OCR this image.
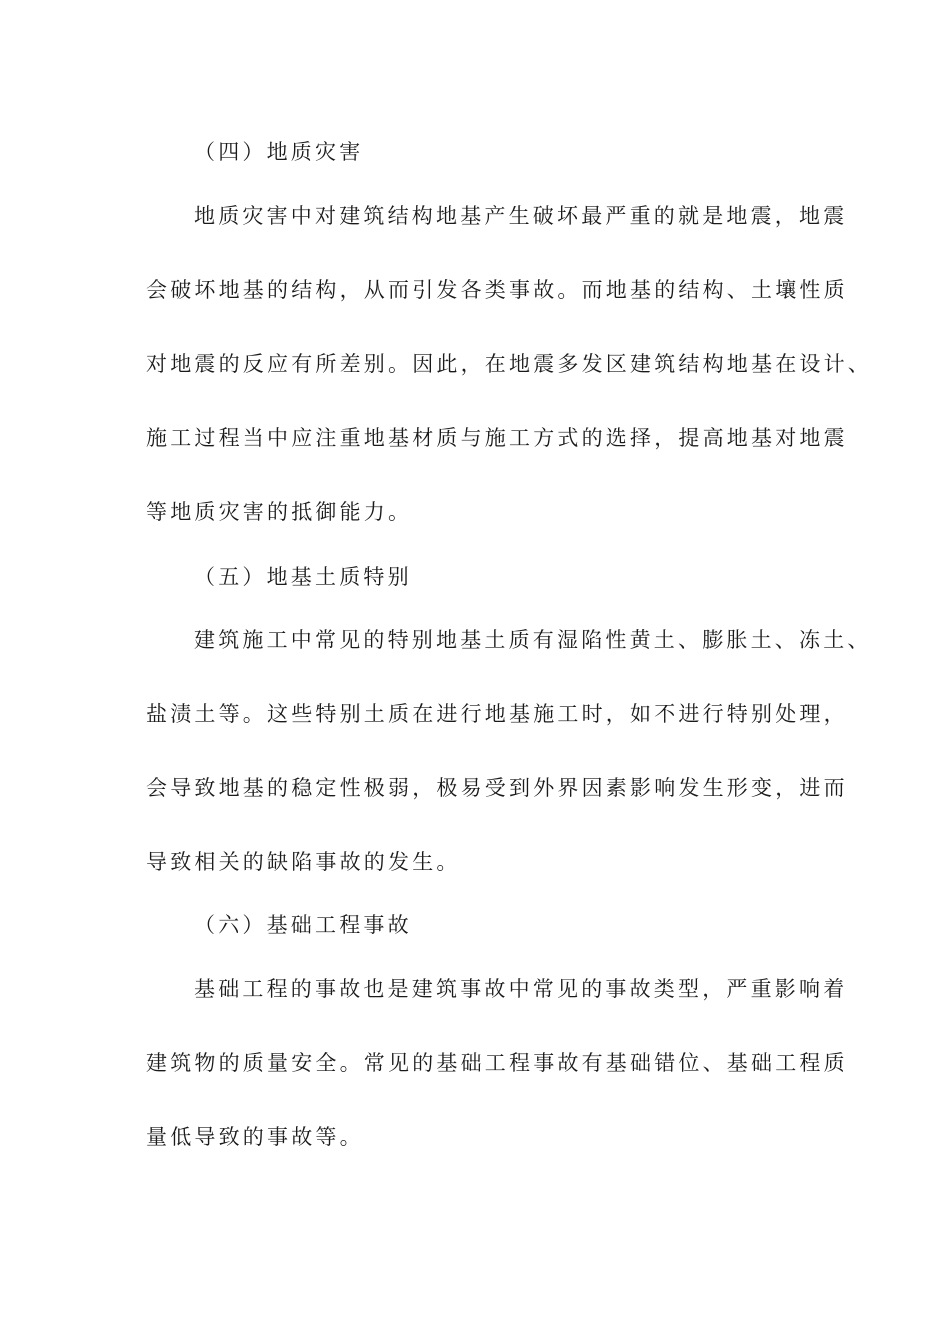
（四）地质灾害
地质灾害中对建筑结构地基产生破坏最严重的就是地震，地震
会破坏地基的结构，从而引发各类事故。而地基的结构、土壤性质
对地震的反应有所差别。因此，在地震多发区建筑结构地基在设计、
施工过程当中应注重地基材质与施工方式的选择，提高地基对地震
等地质灾害的抵御能力。
（五）地基土质特别
建筑施工中常见的特别地基土质有湿陷性黄土、膨胀土、冻土、
盐渍土等。这些特别土质在进行地基施工时，如不进行特别处理，
会导致地基的稳定性极弱，极易受到外界因素影响发生形变，进而
导致相关的缺陷事故的发生。
（六）基础工程事故
基础工程的事故也是建筑事故中常见的事故类型，严重影响着
建筑物的质量安全。常见的基础工程事故有基础错位、基础工程质
量低导致的事故等。
